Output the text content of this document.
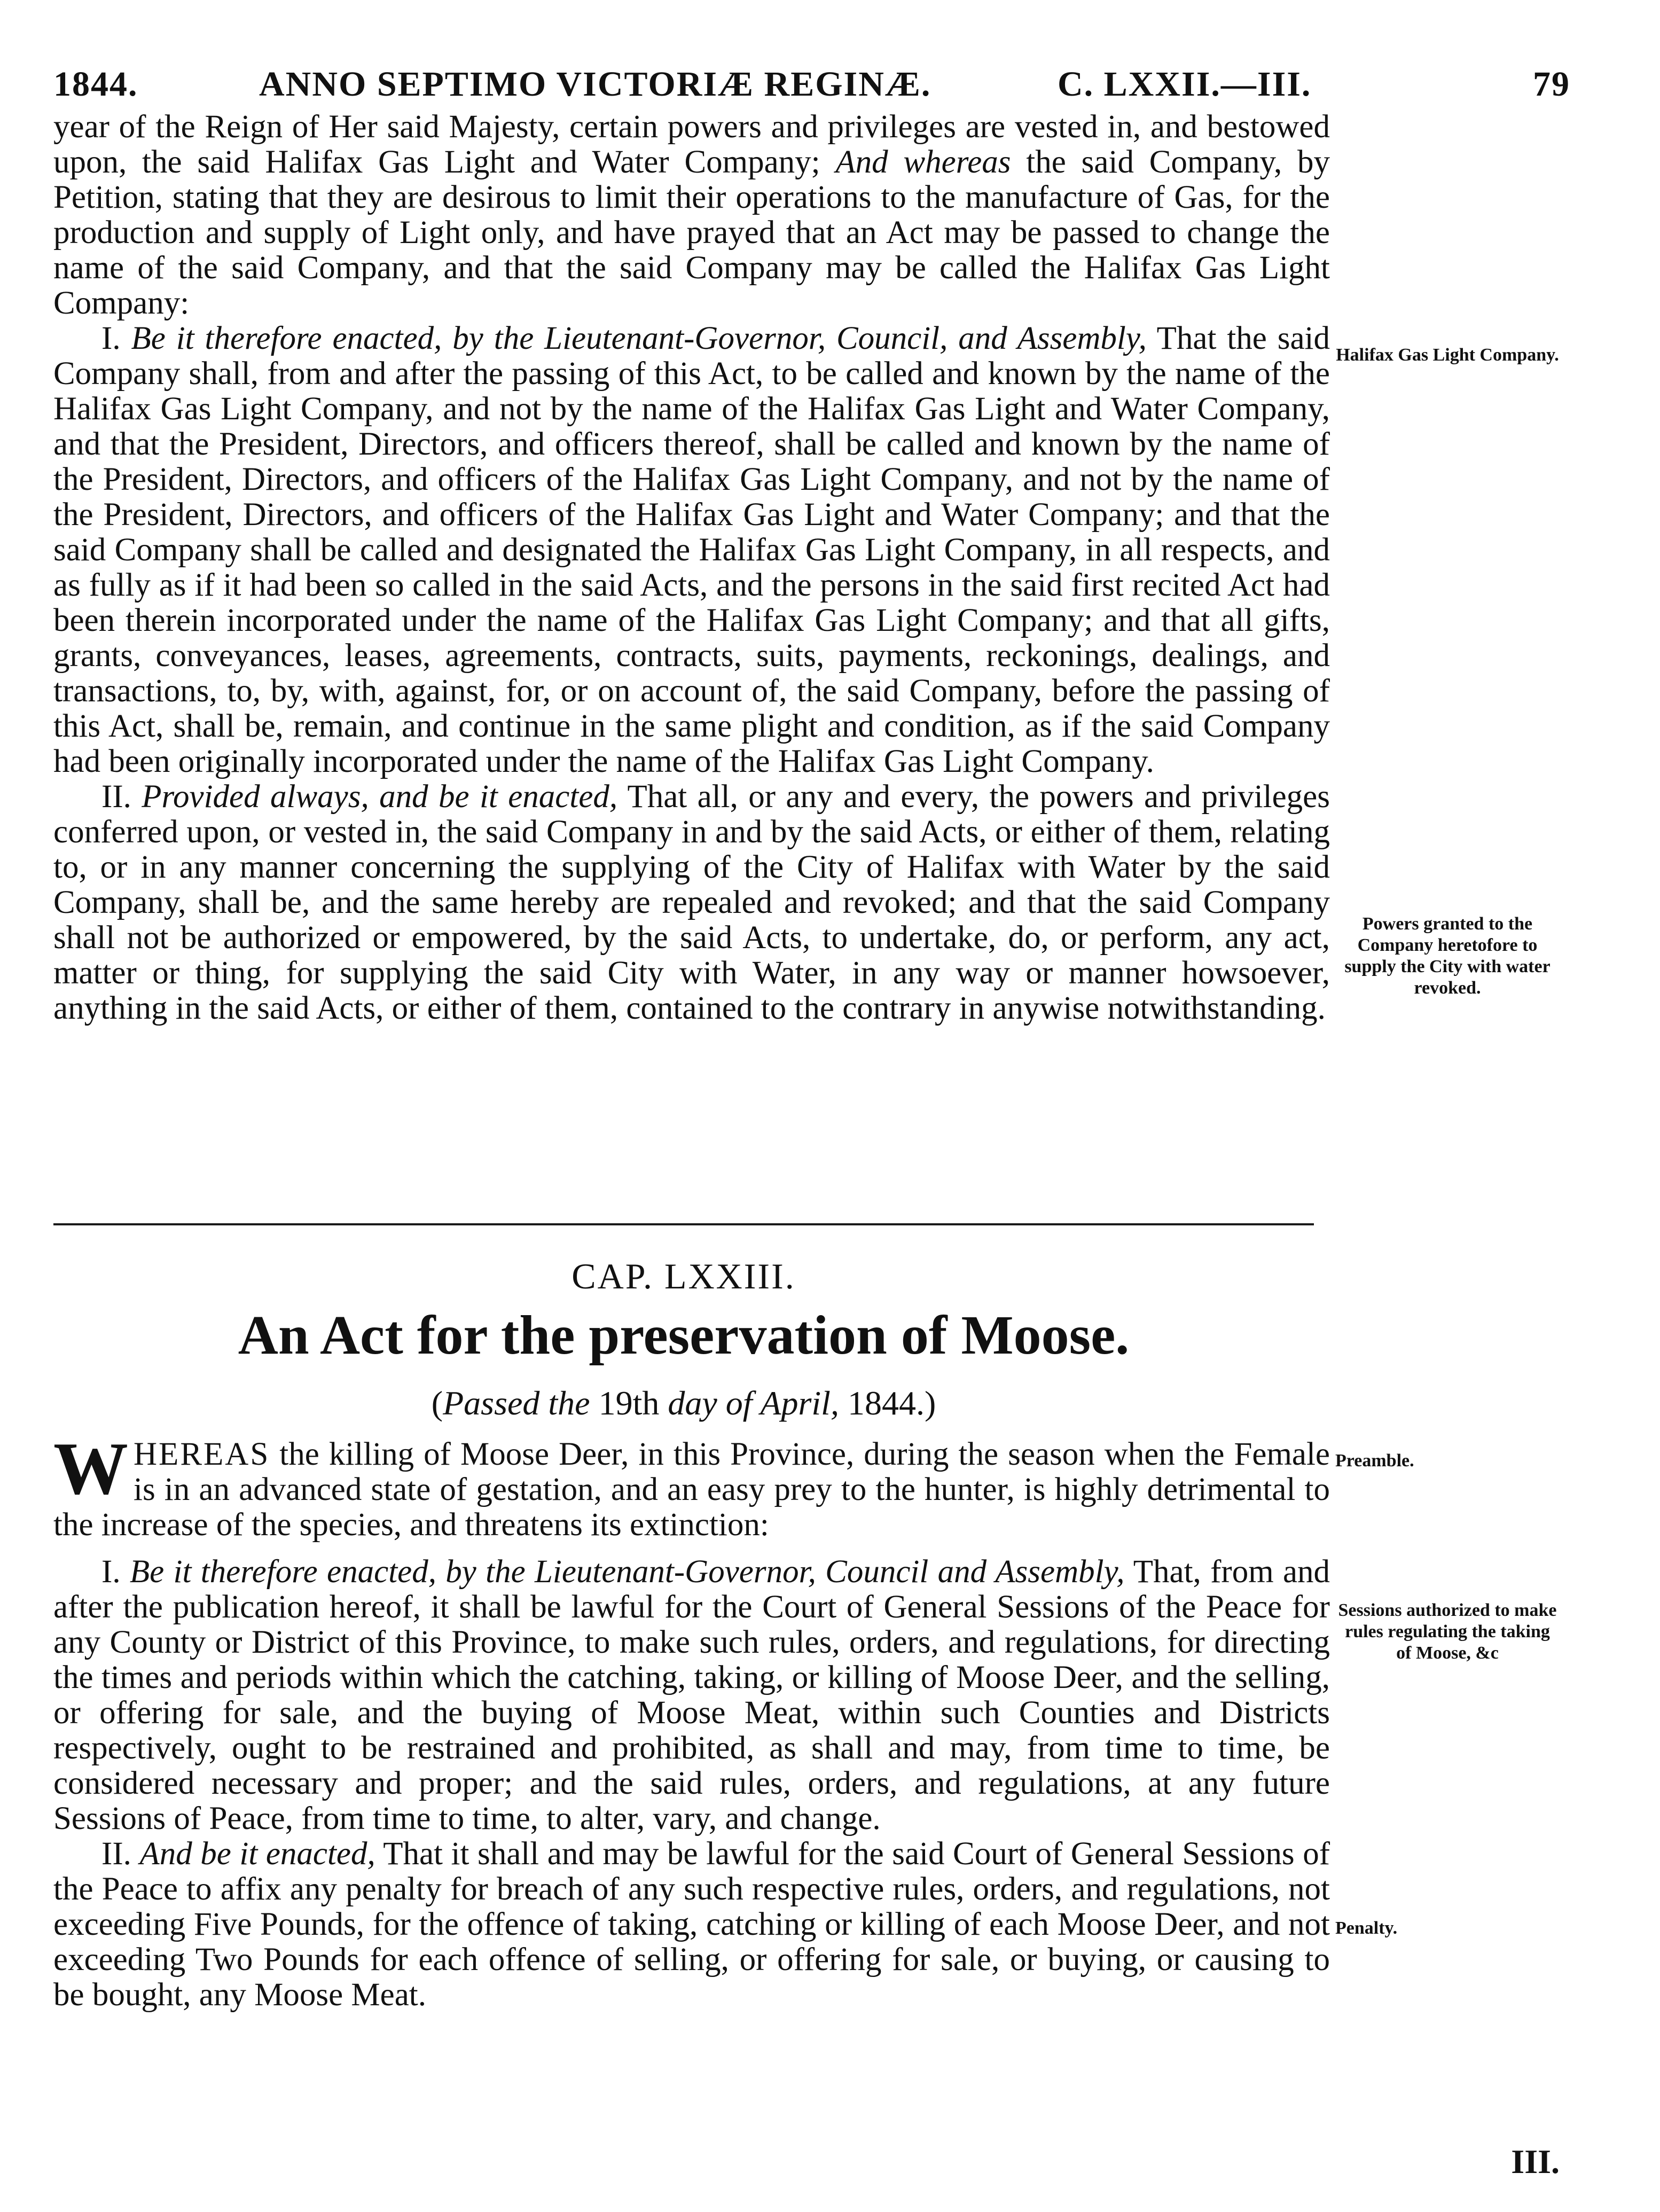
1844.	ANNO SEPTIMO VICTORIÆ REGINÆ.	C. LXXII.—III.	79

year of the Reign of Her said Majesty, certain powers and privileges are vested in, and bestowed upon, the said Halifax Gas Light and Water Company; And whereas the said Company, by Petition, stating that they are desirous to limit their operations to the manufacture of Gas, for the production and supply of Light only, and have prayed that an Act may be passed to change the name of the said Company, and that the said Company may be called the Halifax Gas Light Company:

I. Be it therefore enacted, by the Lieutenant-Governor, Council, and Assembly, That the said Company shall, from and after the passing of this Act, to be called and known by the name of the Halifax Gas Light Company, and not by the name of the Halifax Gas Light and Water Company, and that the President, Directors, and officers thereof, shall be called and known by the name of the President, Directors, and officers of the Halifax Gas Light Company, and not by the name of the President, Directors, and officers of the Halifax Gas Light and Water Company; and that the said Company shall be called and designated the Halifax Gas Light Company, in all respects, and as fully as if it had been so called in the said Acts, and the persons in the said first recited Act had been therein incorporated under the name of the Halifax Gas Light Company; and that all gifts, grants, conveyances, leases, agreements, contracts, suits, payments, reckonings, dealings, and transactions, to, by, with, against, for, or on account of, the said Company, before the passing of this Act, shall be, remain, and continue in the same plight and condition, as if the said Company had been originally incorporated under the name of the Halifax Gas Light Company.

II. Provided always, and be it enacted, That all, or any and every, the powers and privileges conferred upon, or vested in, the said Company in and by the said Acts, or either of them, relating to, or in any manner concerning the supplying of the City of Halifax with Water by the said Company, shall be, and the same hereby are repealed and revoked; and that the said Company shall not be authorized or empowered, by the said Acts, to undertake, do, or perform, any act, matter or thing, for supplying the said City with Water, in any way or manner howsoever, anything in the said Acts, or either of them, contained to the contrary in anywise notwithstanding.

CAP. LXXIII.
An Act for the preservation of Moose.
(Passed the 19th day of April, 1844.)

WHEREAS the killing of Moose Deer, in this Province, during the season when the Female is in an advanced state of gestation, and an easy prey to the hunter, is highly detrimental to the increase of the species, and threatens its extinction:

I. Be it therefore enacted, by the Lieutenant-Governor, Council and Assembly, That, from and after the publication hereof, it shall be lawful for the Court of General Sessions of the Peace for any County or District of this Province, to make such rules, orders, and regulations, for directing the times and periods within which the catching, taking, or killing of Moose Deer, and the selling, or offering for sale, and the buying of Moose Meat, within such Counties and Districts respectively, ought to be restrained and prohibited, as shall and may, from time to time, be considered necessary and proper; and the said rules, orders, and regulations, at any future Sessions of Peace, from time to time, to alter, vary, and change.

II. And be it enacted, That it shall and may be lawful for the said Court of General Sessions of the Peace to affix any penalty for breach of any such respective rules, orders, and regulations, not exceeding Five Pounds, for the offence of taking, catching or killing of each Moose Deer, and not exceeding Two Pounds for each offence of selling, or offering for sale, or buying, or causing to be bought, any Moose Meat.

Halifax Gas Light Company.
Powers granted to the Company heretofore to supply the City with water revoked.
Preamble.
Sessions authorized to make rules regulating the taking of Moose, &c
Penalty.
III.
